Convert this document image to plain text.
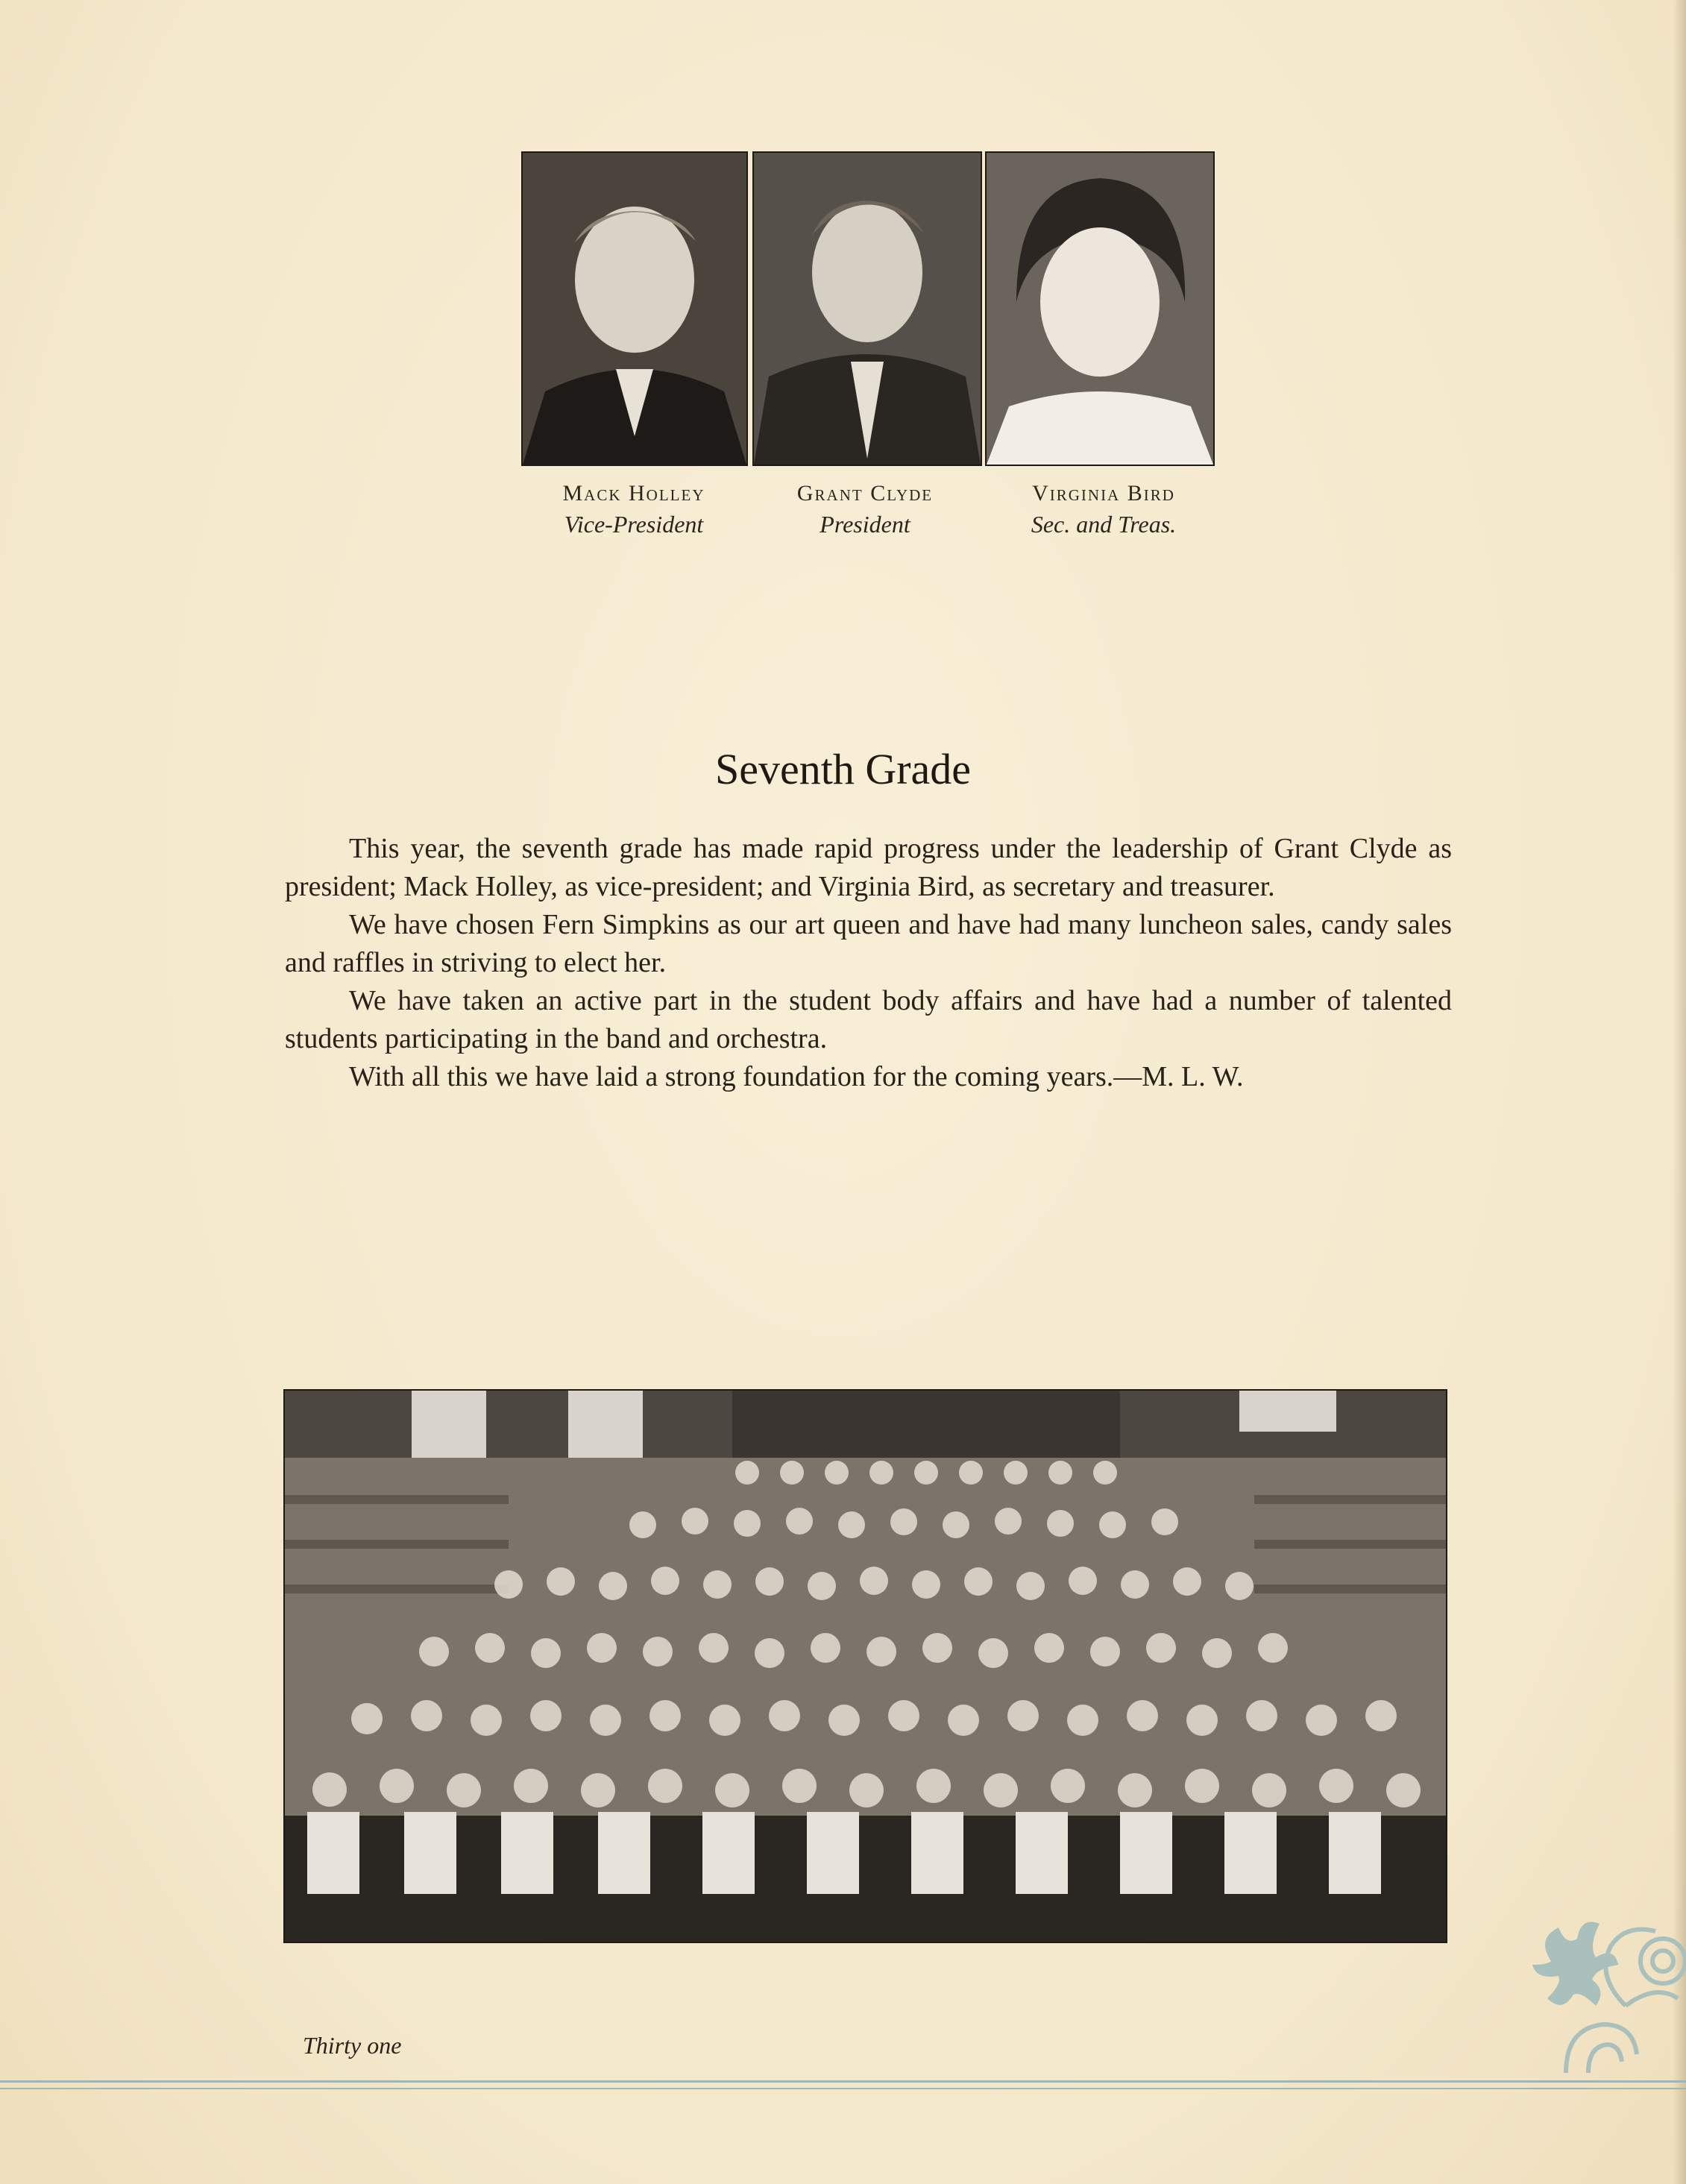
Mack Holley
Vice-President
Grant Clyde
President
Virginia Bird
Sec. and Treas.
Seventh Grade

This year, the seventh grade has made rapid progress under the leadership of Grant Clyde as president; Mack Holley, as vice-president; and Virginia Bird, as secretary and treasurer.

We have chosen Fern Simpkins as our art queen and have had many luncheon sales, candy sales and raffles in striving to elect her.

We have taken an active part in the student body affairs and have had a number of talented students participating in the band and orchestra.

With all this we have laid a strong foundation for the coming years.—M. L. W.

Thirty one
